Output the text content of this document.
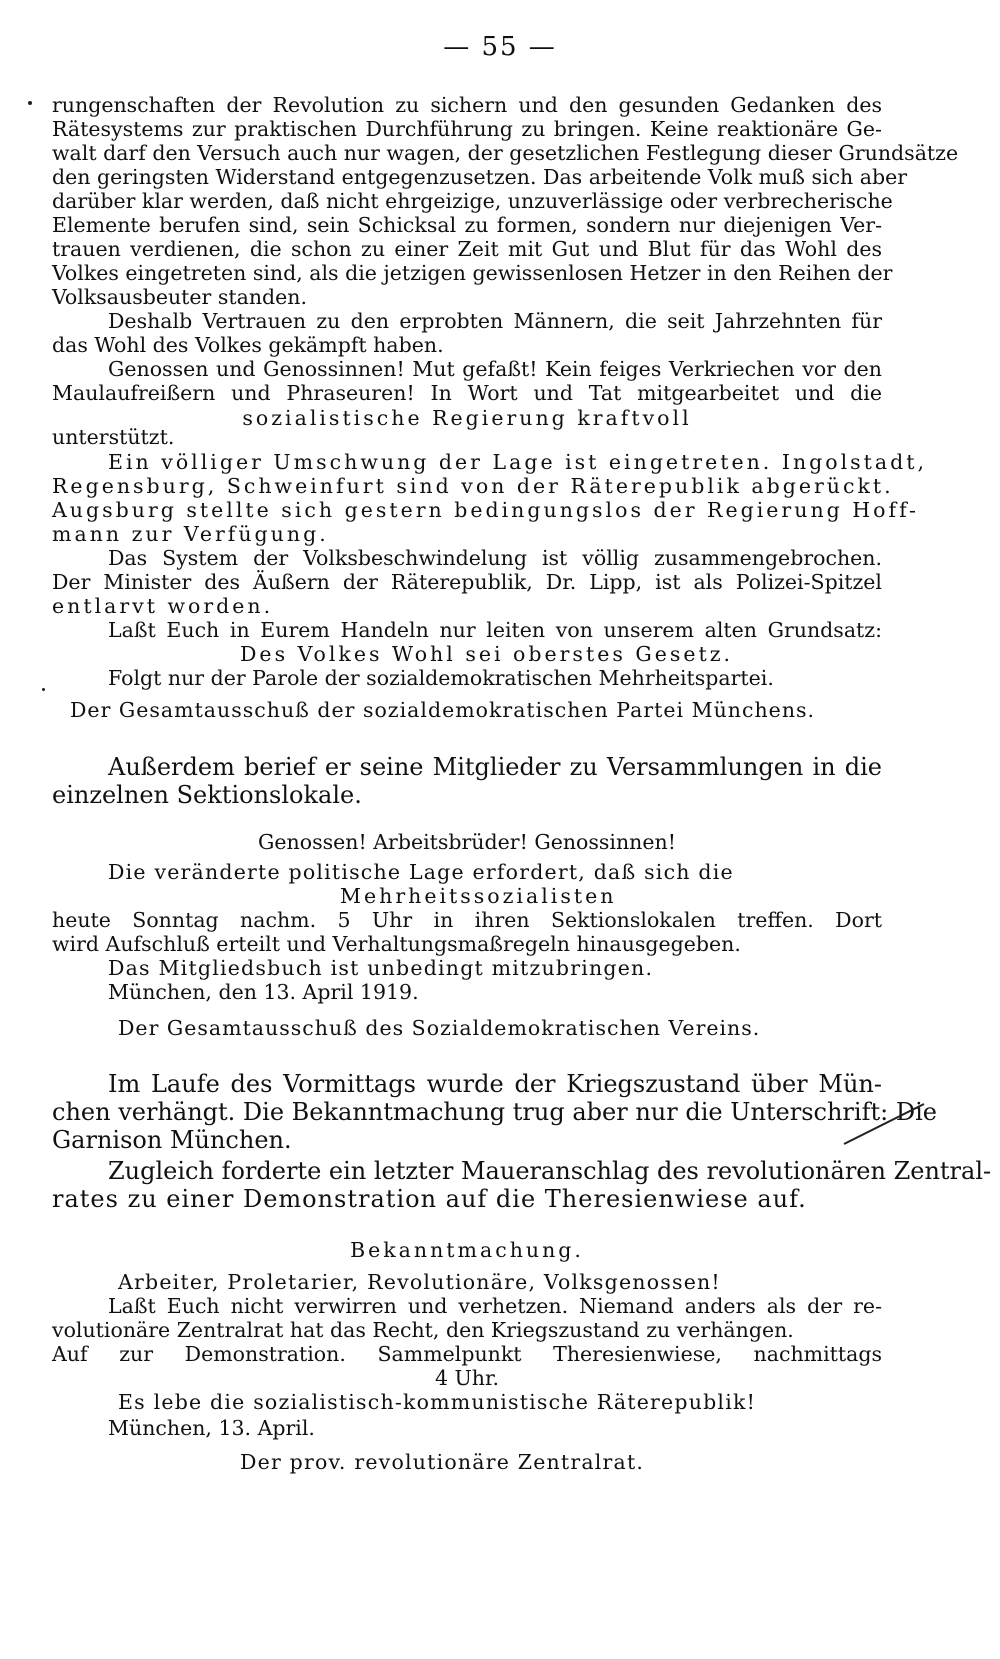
— 55 —
rungenschaften der Revolution zu sichern und den gesunden Gedanken des
Rätesystems zur praktischen Durchführung zu bringen. Keine reaktionäre Ge-
walt darf den Versuch auch nur wagen, der gesetzlichen Festlegung dieser Grundsätze
den geringsten Widerstand entgegenzusetzen. Das arbeitende Volk muß sich aber
darüber klar werden, daß nicht ehrgeizige, unzuverlässige oder verbrecherische
Elemente berufen sind, sein Schicksal zu formen, sondern nur diejenigen Ver-
trauen verdienen, die schon zu einer Zeit mit Gut und Blut für das Wohl des
Volkes eingetreten sind, als die jetzigen gewissenlosen Hetzer in den Reihen der
Volksausbeuter standen.
Deshalb Vertrauen zu den erprobten Männern, die seit Jahrzehnten für
das Wohl des Volkes gekämpft haben.
Genossen und Genossinnen! Mut gefaßt! Kein feiges Verkriechen vor den
Maulaufreißern und Phraseuren! In Wort und Tat mitgearbeitet und die
sozialistische Regierung kraftvoll
unterstützt.
Ein völliger Umschwung der Lage ist eingetreten. Ingolstadt,
Regensburg, Schweinfurt sind von der Räterepublik abgerückt.
Augsburg stellte sich gestern bedingungslos der Regierung Hoff-
mann zur Verfügung.
Das System der Volksbeschwindelung ist völlig zusammengebrochen.
Der Minister des Äußern der Räterepublik, Dr. Lipp, ist als Polizei-Spitzel
entlarvt worden.
Laßt Euch in Eurem Handeln nur leiten von unserem alten Grundsatz:
Des Volkes Wohl sei oberstes Gesetz.
Folgt nur der Parole der sozialdemokratischen Mehrheitspartei.
Der Gesamtausschuß der sozialdemokratischen Partei Münchens.
Außerdem berief er seine Mitglieder zu Versammlungen in die
einzelnen Sektionslokale.
Genossen! Arbeitsbrüder! Genossinnen!
Die veränderte politische Lage erfordert, daß sich die
Mehrheitssozialisten
heute Sonntag nachm. 5 Uhr in ihren Sektionslokalen treffen. Dort
wird Aufschluß erteilt und Verhaltungsmaßregeln hinausgegeben.
Das Mitgliedsbuch ist unbedingt mitzubringen.
München, den 13. April 1919.
Der Gesamtausschuß des Sozialdemokratischen Vereins.
Im Laufe des Vormittags wurde der Kriegszustand über Mün-
chen verhängt. Die Bekanntmachung trug aber nur die Unterschrift: Die
Garnison München.
Zugleich forderte ein letzter Maueranschlag des revolutionären Zentral-
rates zu einer Demonstration auf die Theresienwiese auf.
Bekanntmachung.
Arbeiter, Proletarier, Revolutionäre, Volksgenossen!
Laßt Euch nicht verwirren und verhetzen. Niemand anders als der re-
volutionäre Zentralrat hat das Recht, den Kriegszustand zu verhängen.
Auf zur Demonstration. Sammelpunkt Theresienwiese, nachmittags
4 Uhr.
Es lebe die sozialistisch-kommunistische Räterepublik!
München, 13. April.
Der prov. revolutionäre Zentralrat.
